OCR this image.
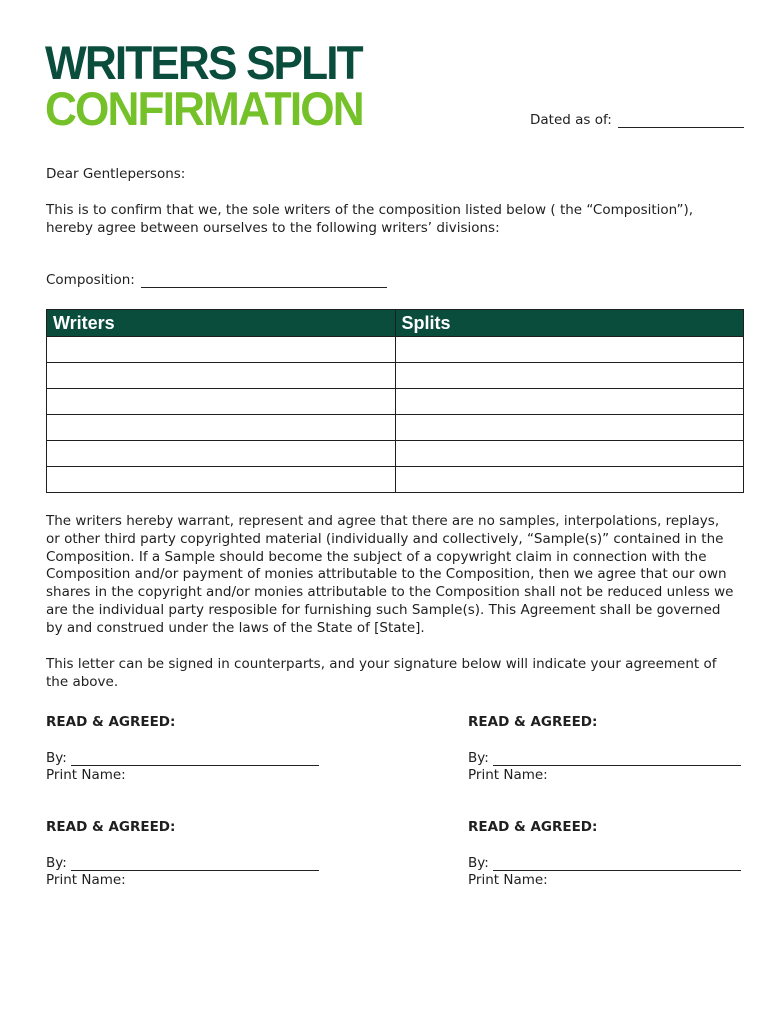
WRITERS SPLIT
CONFIRMATION	Dated as of:

Dear Gentlepersons:

This is to confirm that we, the sole writers of the composition listed below ( the “Composition”), hereby agree between ourselves to the following writers’ divisions:

Composition:
Writers	Splits

The writers hereby warrant, represent and agree that there are no samples, interpolations, replays, or other third party copyrighted material (individually and collectively, “Sample(s)” contained in the Composition. If a Sample should become the subject of a copywright claim in connection with the Composition and/or payment of monies attributable to the Composition, then we agree that our own shares in the copyright and/or monies attributable to the Composition shall not be reduced unless we are the individual party resposible for furnishing such Sample(s). This Agreement shall be governed by and construed under the laws of the State of [State].

This letter can be signed in counterparts, and your signature below will indicate your agreement of the above.

READ & AGREED:

By:
Print Name:

READ & AGREED:

By:
Print Name:

READ & AGREED:

By:
Print Name:

READ & AGREED:

By:
Print Name:
